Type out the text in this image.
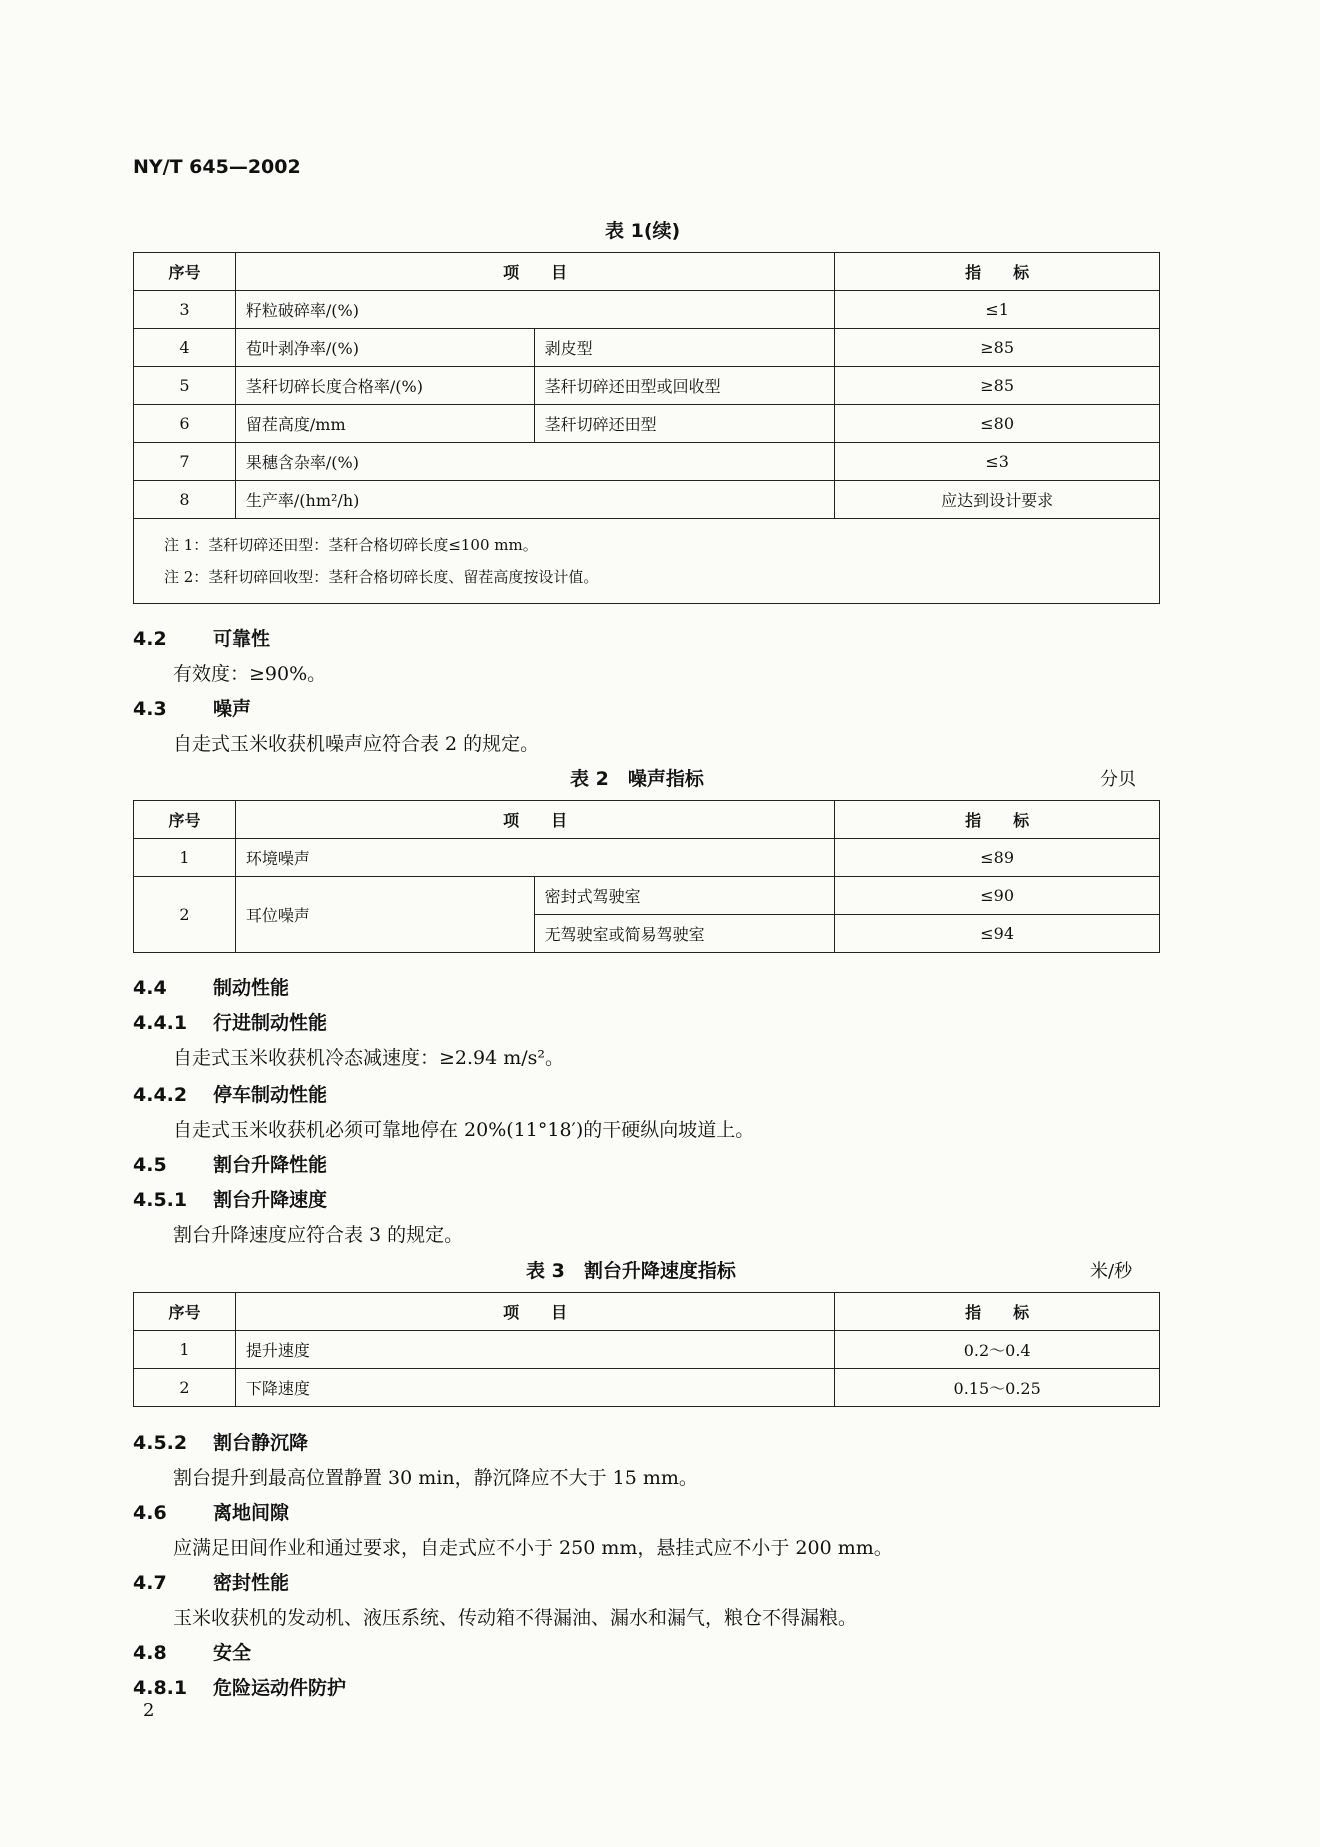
NY/T 645—2002
表 1(续)
序号	项　　目		指　　标
3	籽粒破碎率/(%)		≤1
4	苞叶剥净率/(%)	剥皮型	≥85
5	茎秆切碎长度合格率/(%)	茎秆切碎还田型或回收型	≥85
6	留茬高度/mm	茎秆切碎还田型	≤80
7	果穗含杂率/(%)		≤3
8	生产率/(hm²/h)		应达到设计要求

注 1：茎秆切碎还田型：茎秆合格切碎长度≤100 mm。
注 2：茎秆切碎回收型：茎秆合格切碎长度、留茬高度按设计值。			
4.2 可靠性
有效度：≥90%。
4.3 噪声
自走式玉米收获机噪声应符合表 2 的规定。
表 2　噪声指标	分贝
序号	项　　目		指　　标
1	环境噪声		≤89
2	耳位噪声	密封式驾驶室	≤90
		无驾驶室或简易驾驶室	≤94
4.4 制动性能
4.4.1 行进制动性能
自走式玉米收获机冷态减速度：≥2.94 m/s²。
4.4.2 停车制动性能
自走式玉米收获机必须可靠地停在 20%(11°18′)的干硬纵向坡道上。
4.5 割台升降性能
4.5.1 割台升降速度
割台升降速度应符合表 3 的规定。
表 3　割台升降速度指标	米/秒
序号	项　　目	指　　标
1	提升速度	0.2～0.4
2	下降速度	0.15～0.25
4.5.2 割台静沉降
割台提升到最高位置静置 30 min，静沉降应不大于 15 mm。
4.6 离地间隙
应满足田间作业和通过要求，自走式应不小于 250 mm，悬挂式应不小于 200 mm。
4.7 密封性能
玉米收获机的发动机、液压系统、传动箱不得漏油、漏水和漏气，粮仓不得漏粮。
4.8 安全
4.8.1 危险运动件防护
2
